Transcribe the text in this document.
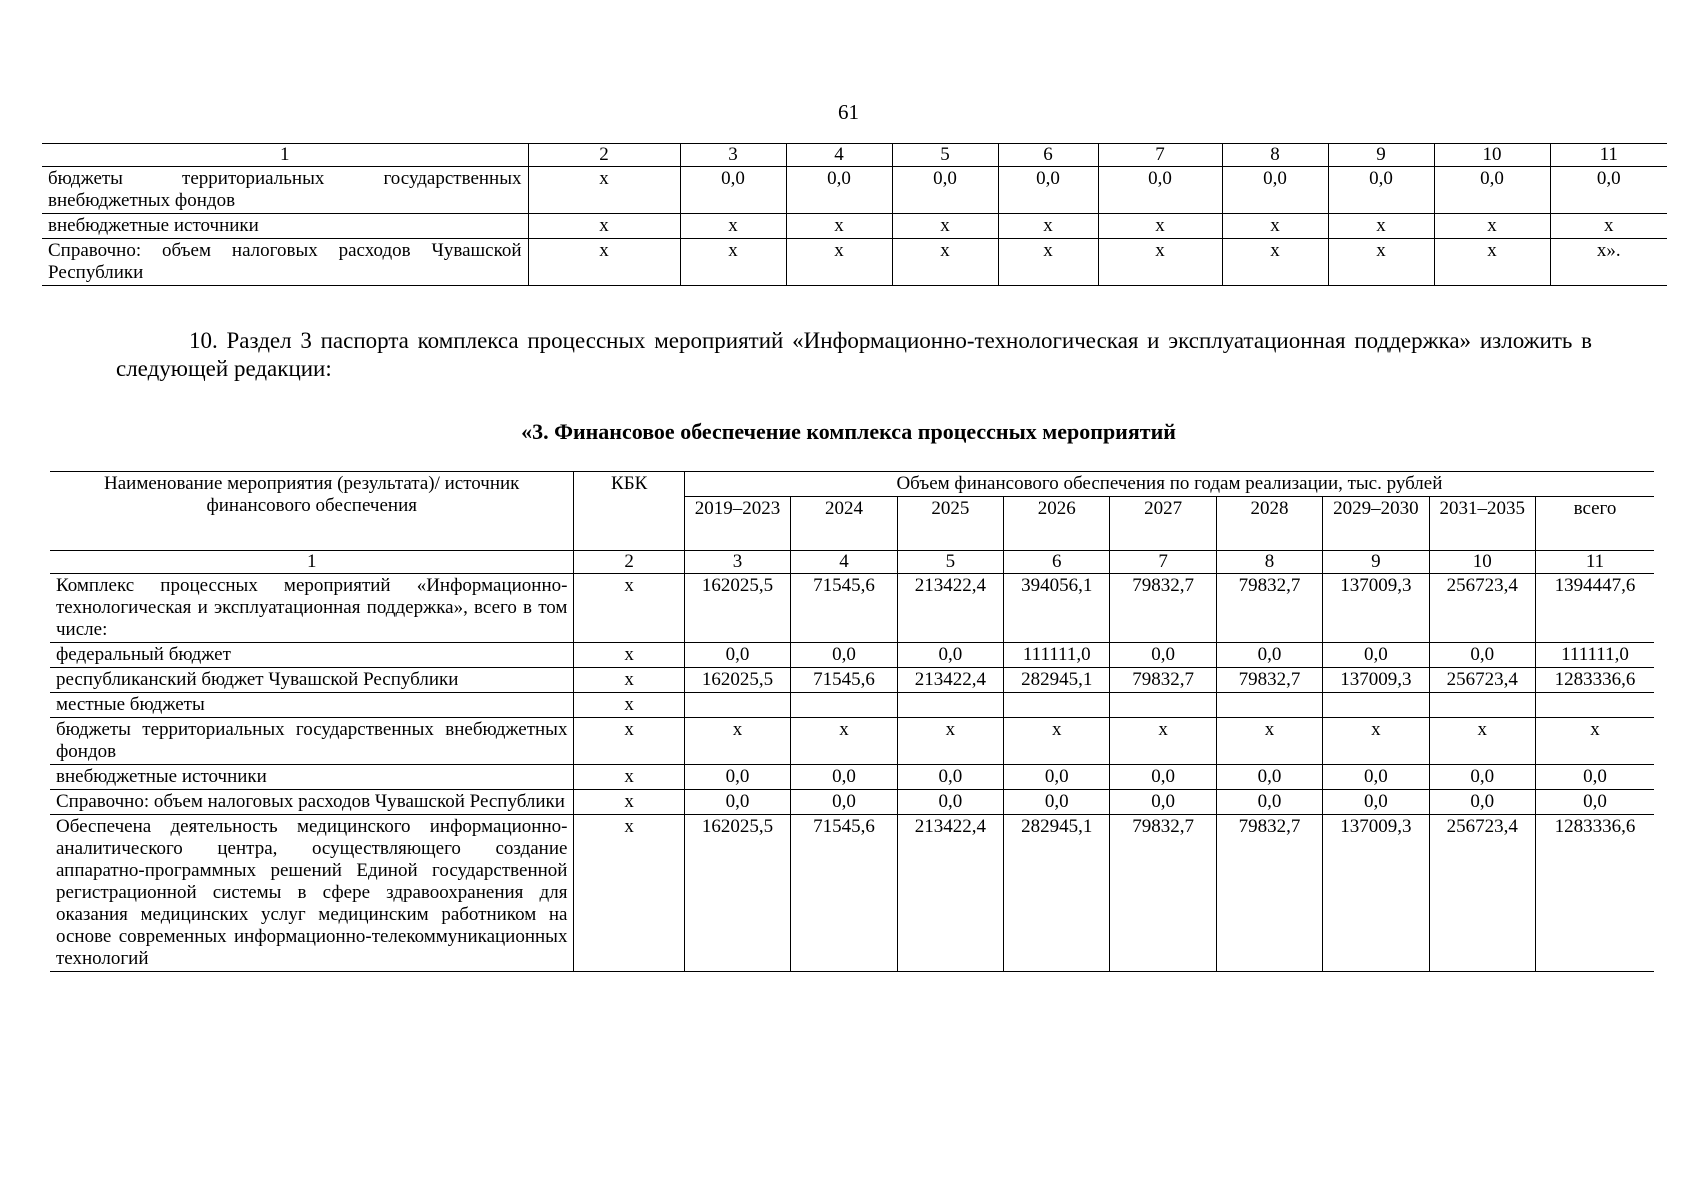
61
1	2	3	4	5	6	7	8	9	10	11
бюджеты территориальных государственных внебюджетных фондов	x	0,0	0,0	0,0	0,0	0,0	0,0	0,0	0,0	0,0
внебюджетные источники	x	x	x	x	x	x	x	x	x	x
Справочно: объем налоговых расходов Чувашской Республики	x	x	x	x	x	x	x	x	x	x».
10. Раздел 3 паспорта комплекса процессных мероприятий «Информационно-технологическая и эксплуатационная поддержка» изложить в следующей редакции:
«3. Финансовое обеспечение комплекса процессных мероприятий
Наименование мероприятия (результата)/ источник финансового обеспечения	КБК	Объем финансового обеспечения по годам реализации, тыс. рублей								
		2019–2023	2024	2025	2026	2027	2028	2029–2030	2031–2035	всего
1	2	3	4	5	6	7	8	9	10	11
Комплекс процессных мероприятий «Информационно-технологическая и эксплуатационная поддержка», всего в том числе:	x	162025,5	71545,6	213422,4	394056,1	79832,7	79832,7	137009,3	256723,4	1394447,6
федеральный бюджет	x	0,0	0,0	0,0	111111,0	0,0	0,0	0,0	0,0	111111,0
республиканский бюджет Чувашской Республики	x	162025,5	71545,6	213422,4	282945,1	79832,7	79832,7	137009,3	256723,4	1283336,6
местные бюджеты	x									
бюджеты территориальных государственных внебюджетных фондов	x	x	x	x	x	x	x	x	x	x
внебюджетные источники	x	0,0	0,0	0,0	0,0	0,0	0,0	0,0	0,0	0,0
Справочно: объем налоговых расходов Чувашской Республики	x	0,0	0,0	0,0	0,0	0,0	0,0	0,0	0,0	0,0
Обеспечена деятельность медицинского информационно-аналитического центра, осуществляющего создание аппаратно-программных решений Единой государственной регистрационной системы в сфере здравоохранения для оказания медицинских услуг медицинским работником на основе современных информационно-телекоммуникационных технологий	x	162025,5	71545,6	213422,4	282945,1	79832,7	79832,7	137009,3	256723,4	1283336,6
